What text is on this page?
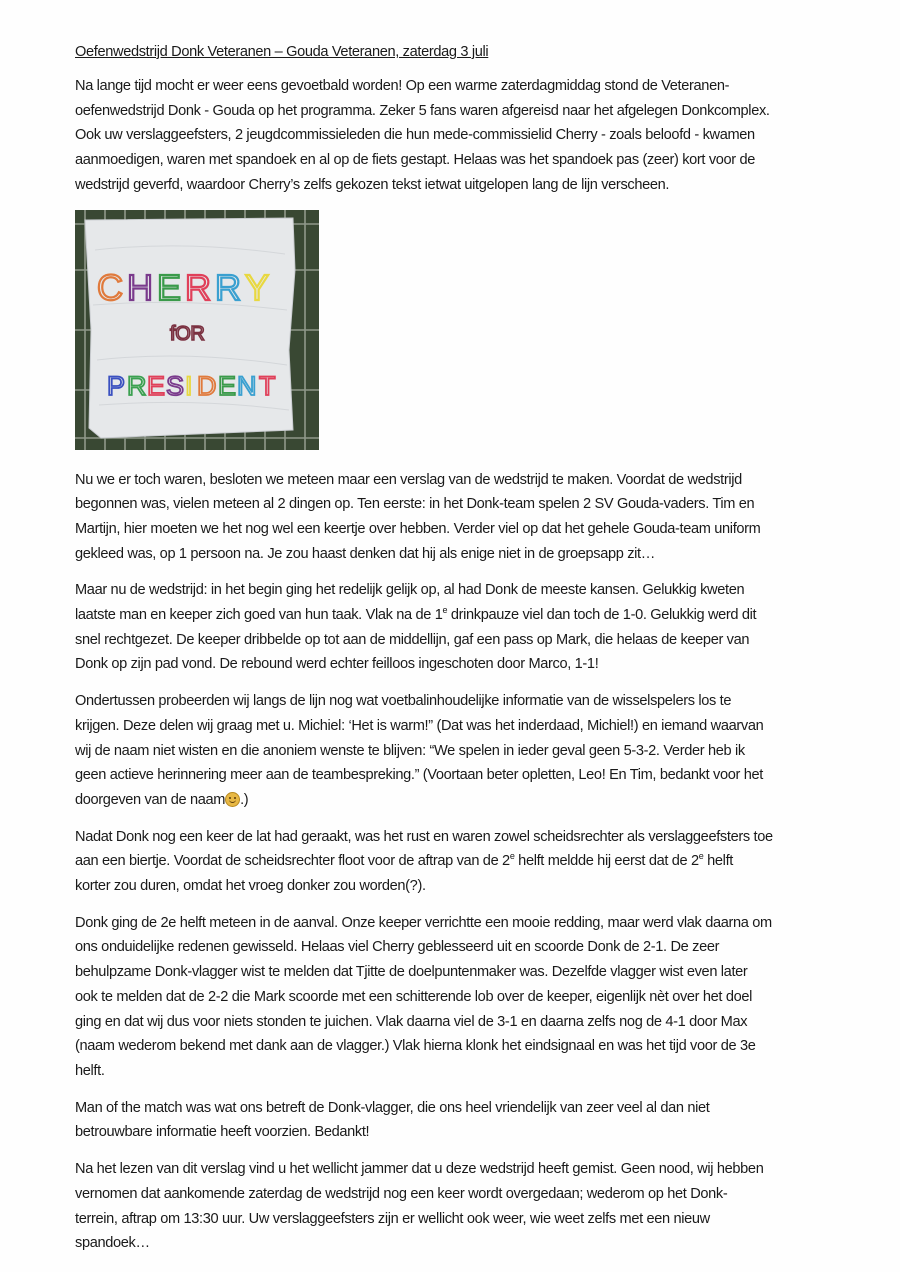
Oefenwedstrijd Donk Veteranen – Gouda Veteranen, zaterdag 3 juli
Na lange tijd mocht er weer eens gevoetbald worden! Op een warme zaterdagmiddag stond de Veteranen-
oefenwedstrijd Donk - Gouda op het programma. Zeker 5 fans waren afgereisd naar het afgelegen Donkcomplex.
Ook uw verslaggeefsters, 2 jeugdcommissieleden die hun mede-commissielid Cherry - zoals beloofd - kwamen
aanmoedigen, waren met spandoek en al op de fiets gestapt. Helaas was het spandoek pas (zeer) kort voor de
wedstrijd geverfd, waardoor Cherry’s zelfs gekozen tekst ietwat uitgelopen lang de lijn verscheen.
C H E R R Y
fOR
P R E S I D E N T
Nu we er toch waren, besloten we meteen maar een verslag van de wedstrijd te maken. Voordat de wedstrijd
begonnen was, vielen meteen al 2 dingen op. Ten eerste: in het Donk-team spelen 2 SV Gouda-vaders. Tim en
Martijn, hier moeten we het nog wel een keertje over hebben. Verder viel op dat het gehele Gouda-team uniform
gekleed was, op 1 persoon na. Je zou haast denken dat hij als enige niet in de groepsapp zit…
Maar nu de wedstrijd: in het begin ging het redelijk gelijk op, al had Donk de meeste kansen. Gelukkig kweten
laatste man en keeper zich goed van hun taak. Vlak na de 1e drinkpauze viel dan toch de 1-0. Gelukkig werd dit
snel rechtgezet. De keeper dribbelde op tot aan de middellijn, gaf een pass op Mark, die helaas de keeper van
Donk op zijn pad vond. De rebound werd echter feilloos ingeschoten door Marco, 1-1!
Ondertussen probeerden wij langs de lijn nog wat voetbalinhoudelijke informatie van de wisselspelers los te
krijgen. Deze delen wij graag met u. Michiel: ‘Het is warm!” (Dat was het inderdaad, Michiel!) en iemand waarvan
wij de naam niet wisten en die anoniem wenste te blijven: “We spelen in ieder geval geen 5-3-2. Verder heb ik
geen actieve herinnering meer aan de teambespreking.” (Voortaan beter opletten, Leo! En Tim, bedankt voor het
doorgeven van de naam .)
Nadat Donk nog een keer de lat had geraakt, was het rust en waren zowel scheidsrechter als verslaggeefsters toe
aan een biertje. Voordat de scheidsrechter floot voor de aftrap van de 2e helft meldde hij eerst dat de 2e helft
korter zou duren, omdat het vroeg donker zou worden(?).
Donk ging de 2e helft meteen in de aanval. Onze keeper verrichtte een mooie redding, maar werd vlak daarna om
ons onduidelijke redenen gewisseld. Helaas viel Cherry geblesseerd uit en scoorde Donk de 2-1. De zeer
behulpzame Donk-vlagger wist te melden dat Tjitte de doelpuntenmaker was. Dezelfde vlagger wist even later
ook te melden dat de 2-2 die Mark scoorde met een schitterende lob over de keeper, eigenlijk nèt over het doel
ging en dat wij dus voor niets stonden te juichen. Vlak daarna viel de 3-1 en daarna zelfs nog de 4-1 door Max
(naam wederom bekend met dank aan de vlagger.) Vlak hierna klonk het eindsignaal en was het tijd voor de 3e
helft.
Man of the match was wat ons betreft de Donk-vlagger, die ons heel vriendelijk van zeer veel al dan niet
betrouwbare informatie heeft voorzien. Bedankt!
Na het lezen van dit verslag vind u het wellicht jammer dat u deze wedstrijd heeft gemist. Geen nood, wij hebben
vernomen dat aankomende zaterdag de wedstrijd nog een keer wordt overgedaan; wederom op het Donk-
terrein, aftrap om 13:30 uur. Uw verslaggeefsters zijn er wellicht ook weer, wie weet zelfs met een nieuw
spandoek…
